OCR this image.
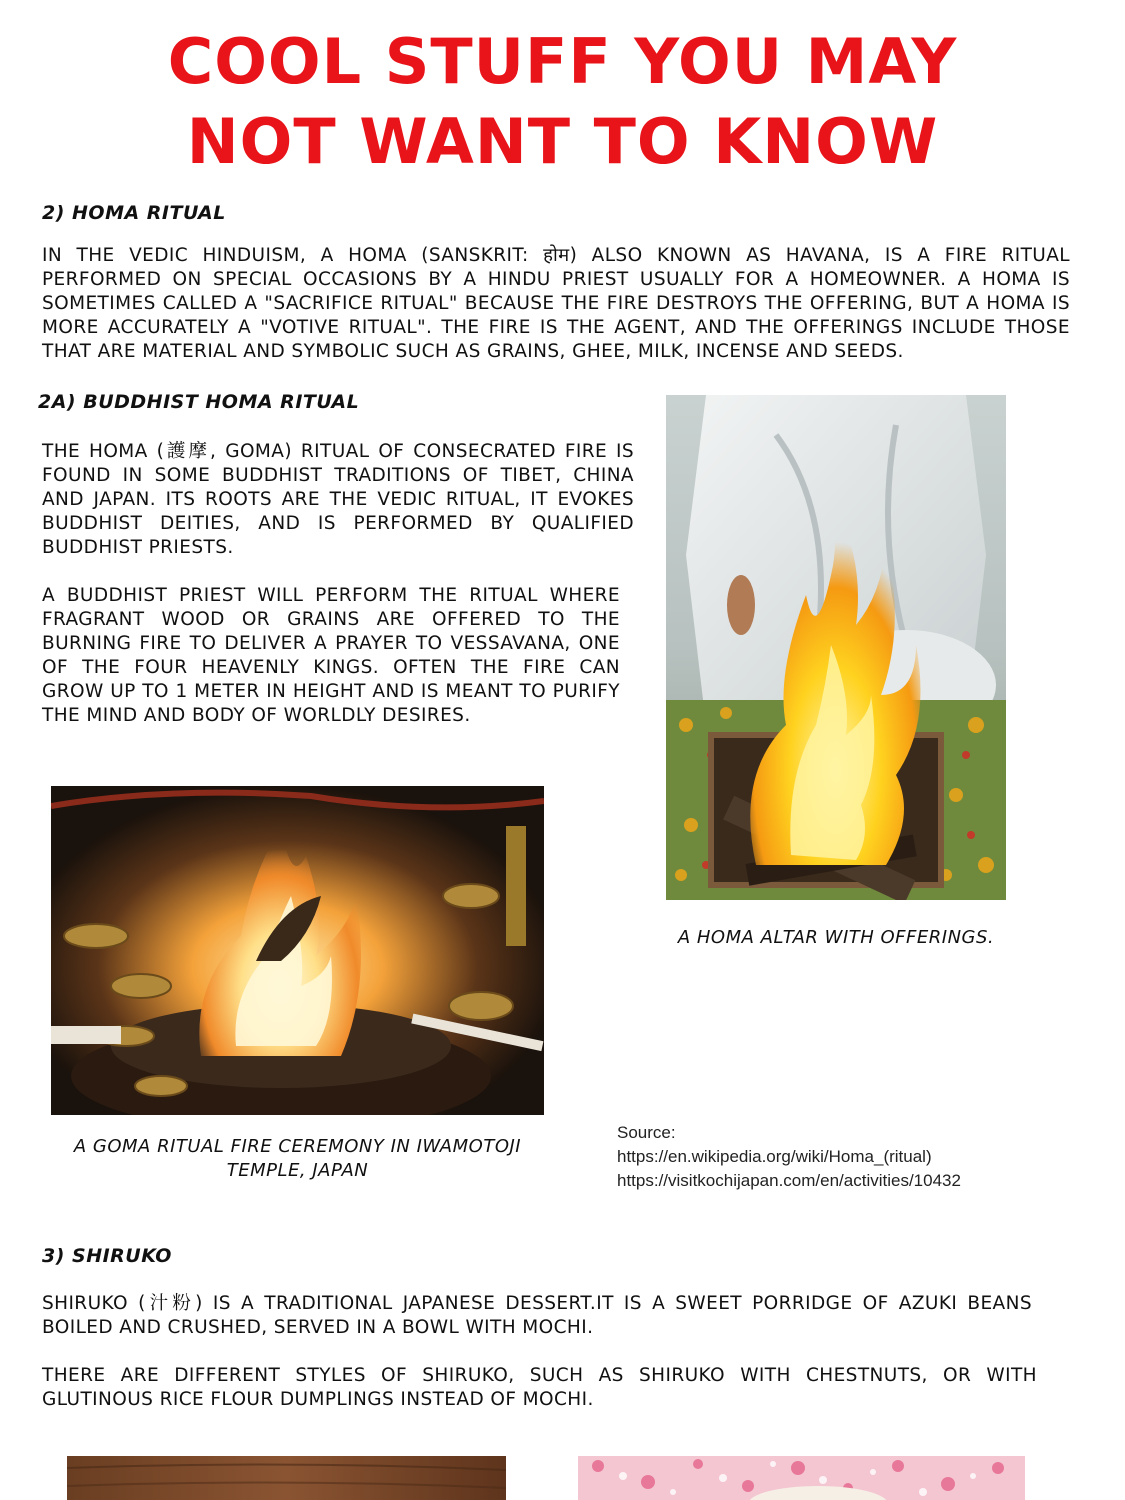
COOL STUFF YOU MAY
NOT WANT TO KNOW
2) HOMA RITUAL

IN THE VEDIC HINDUISM, A HOMA (SANSKRIT: होम) ALSO KNOWN AS HAVANA, IS A FIRE RITUAL PERFORMED ON SPECIAL OCCASIONS BY A HINDU PRIEST USUALLY FOR A HOMEOWNER. A HOMA IS SOMETIMES CALLED A "SACRIFICE RITUAL" BECAUSE THE FIRE DESTROYS THE OFFERING, BUT A HOMA IS MORE ACCURATELY A "VOTIVE RITUAL". THE FIRE IS THE AGENT, AND THE OFFERINGS INCLUDE THOSE THAT ARE MATERIAL AND SYMBOLIC SUCH AS GRAINS, GHEE, MILK, INCENSE AND SEEDS.

2A) BUDDHIST HOMA RITUAL

THE HOMA (護摩, GOMA) RITUAL OF CONSECRATED FIRE IS FOUND IN SOME BUDDHIST TRADITIONS OF TIBET, CHINA AND JAPAN. ITS ROOTS ARE THE VEDIC RITUAL, IT EVOKES BUDDHIST DEITIES, AND IS PERFORMED BY QUALIFIED BUDDHIST PRIESTS.

A BUDDHIST PRIEST WILL PERFORM THE RITUAL WHERE FRAGRANT WOOD OR GRAINS ARE OFFERED TO THE BURNING FIRE TO DELIVER A PRAYER TO VESSAVANA, ONE OF THE FOUR HEAVENLY KINGS. OFTEN THE FIRE CAN GROW UP TO 1 METER IN HEIGHT AND IS MEANT TO PURIFY THE MIND AND BODY OF WORLDLY DESIRES.

A HOMA ALTAR WITH OFFERINGS.
A GOMA RITUAL FIRE CEREMONY IN IWAMOTOJI TEMPLE, JAPAN
Source:
https://en.wikipedia.org/wiki/Homa_(ritual)
https://visitkochijapan.com/en/activities/10432
3) SHIRUKO

SHIRUKO (汁粉) IS A TRADITIONAL JAPANESE DESSERT.IT IS A SWEET PORRIDGE OF AZUKI BEANS BOILED AND CRUSHED, SERVED IN A BOWL WITH MOCHI.

THERE ARE DIFFERENT STYLES OF SHIRUKO, SUCH AS SHIRUKO WITH CHESTNUTS, OR WITH GLUTINOUS RICE FLOUR DUMPLINGS INSTEAD OF MOCHI.
